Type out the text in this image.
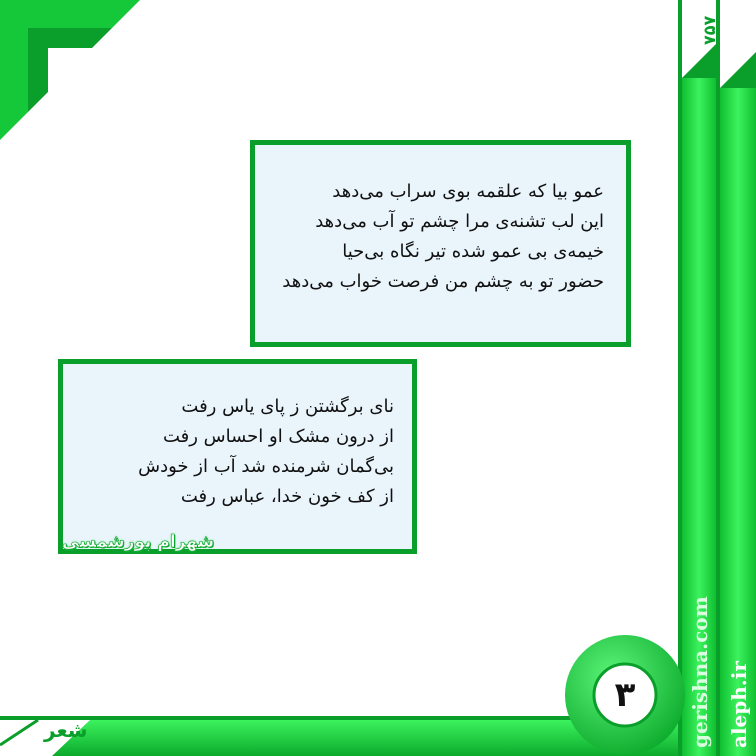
۷۵۷
۳
شعر	gerishna.com aleph.ir
عمو بیا که علقمه بوی سراب می‌دهد
این لب تشنه‌ی مرا چشم تو آب می‌دهد
خیمه‌ی بی عمو شده تیر نگاه بی‌حیا
حضور تو به چشم من فرصت خواب می‌دهد
نای برگشتن ز پای یاس رفت
از درون مشک او احساس رفت
بی‌گمان شرمنده شد آب از خودش
از کف خون خدا، عباس رفت
شهرام پورشمسی
